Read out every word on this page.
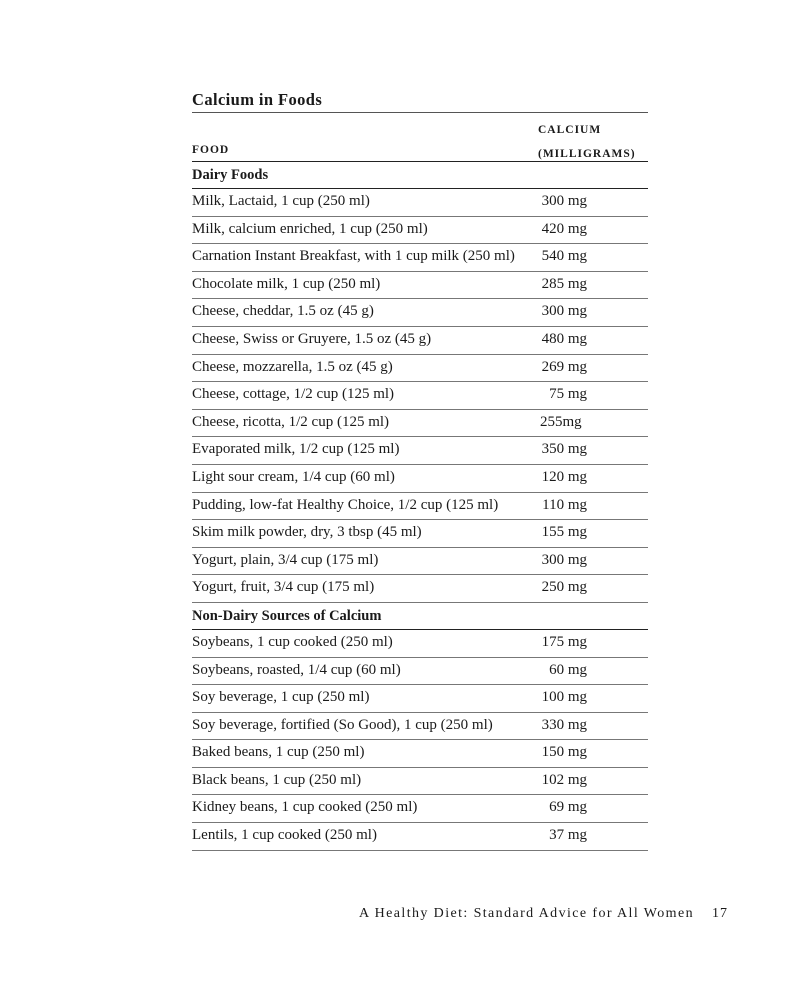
Calcium in Foods
FOOD
CALCIUM
(MILLIGRAMS)
Dairy Foods
Milk, Lactaid, 1 cup (250 ml)	300 mg
Milk, calcium enriched, 1 cup (250 ml)	420 mg
Carnation Instant Breakfast, with 1 cup milk (250 ml) 540 mg
Chocolate milk, 1 cup (250 ml)	285 mg
Cheese, cheddar, 1.5 oz (45 g)	300 mg
Cheese, Swiss or Gruyere, 1.5 oz (45 g)	480 mg
Cheese, mozzarella, 1.5 oz (45 g)	269 mg
Cheese, cottage, 1/2 cup (125 ml)	75 mg
Cheese, ricotta, 1/2 cup (125 ml)	255mg
Evaporated milk, 1/2 cup (125 ml)	350 mg
Light sour cream, 1/4 cup (60 ml)	120 mg
Pudding, low-fat Healthy Choice, 1/2 cup (125 ml)	110 mg
Skim milk powder, dry, 3 tbsp (45 ml)	155 mg
Yogurt, plain, 3/4 cup (175 ml)	300 mg
Yogurt, fruit, 3/4 cup (175 ml)	250 mg
Non-Dairy Sources of Calcium
Soybeans, 1 cup cooked (250 ml)	175 mg
Soybeans, roasted, 1/4 cup (60 ml)	60 mg
Soy beverage, 1 cup (250 ml)	100 mg
Soy beverage, fortified (So Good), 1 cup (250 ml)	330 mg
Baked beans, 1 cup (250 ml)	150 mg
Black beans, 1 cup (250 ml)	102 mg
Kidney beans, 1 cup cooked (250 ml)	69 mg
Lentils, 1 cup cooked (250 ml)	37 mg
A Healthy Diet: Standard Advice for All Women 17
